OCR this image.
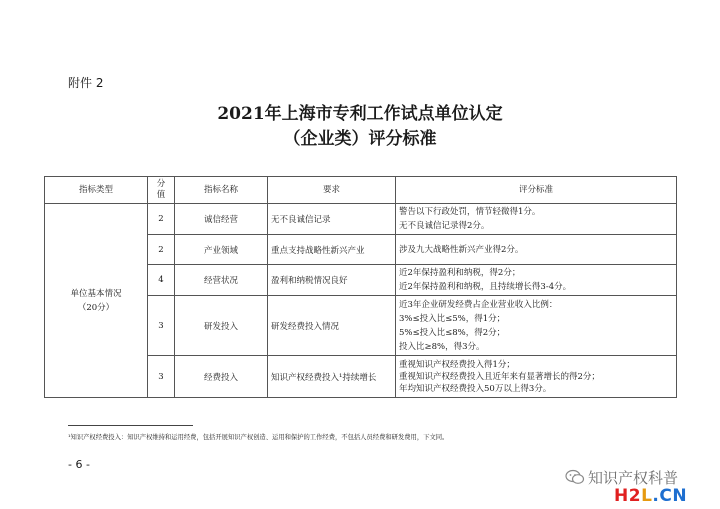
附件 2
2021年上海市专利工作试点单位认定
（企业类）评分标准
指标类型	分值	指标名称	要求	评分标准

单位基本情况
（20分）	2	诚信经营	无不良诚信记录	警告以下行政处罚，情节轻微得1分。
无不良诚信记录得2分。

	2	产业领域	重点支持战略性新兴产业	涉及九大战略性新兴产业得2分。

	4	经营状况	盈利和纳税情况良好	近2年保持盈利和纳税，得2分；
近2年保持盈利和纳税，且持续增长得3-4分。

	3	研发投入	研发经费投入情况	近3年企业研发经费占企业营业收入比例：
3%≤投入比≤5%，得1分；
5%≤投入比≤8%，得2分；
投入比≥8%，得3分。

	3	经费投入	知识产权经费投入¹持续增长	重视知识产权经费投入得1分；
重视知识产权经费投入且近年来有显著增长的得2分；
年均知识产权经费投入50万以上得3分。
¹知识产权经费投入：知识产权维持和运用经费，包括开展知识产权创造、运用和保护的工作经费，不包括人员经费和研发费用，下文同。
- 6 -
知识产权科普
H2L.CN
